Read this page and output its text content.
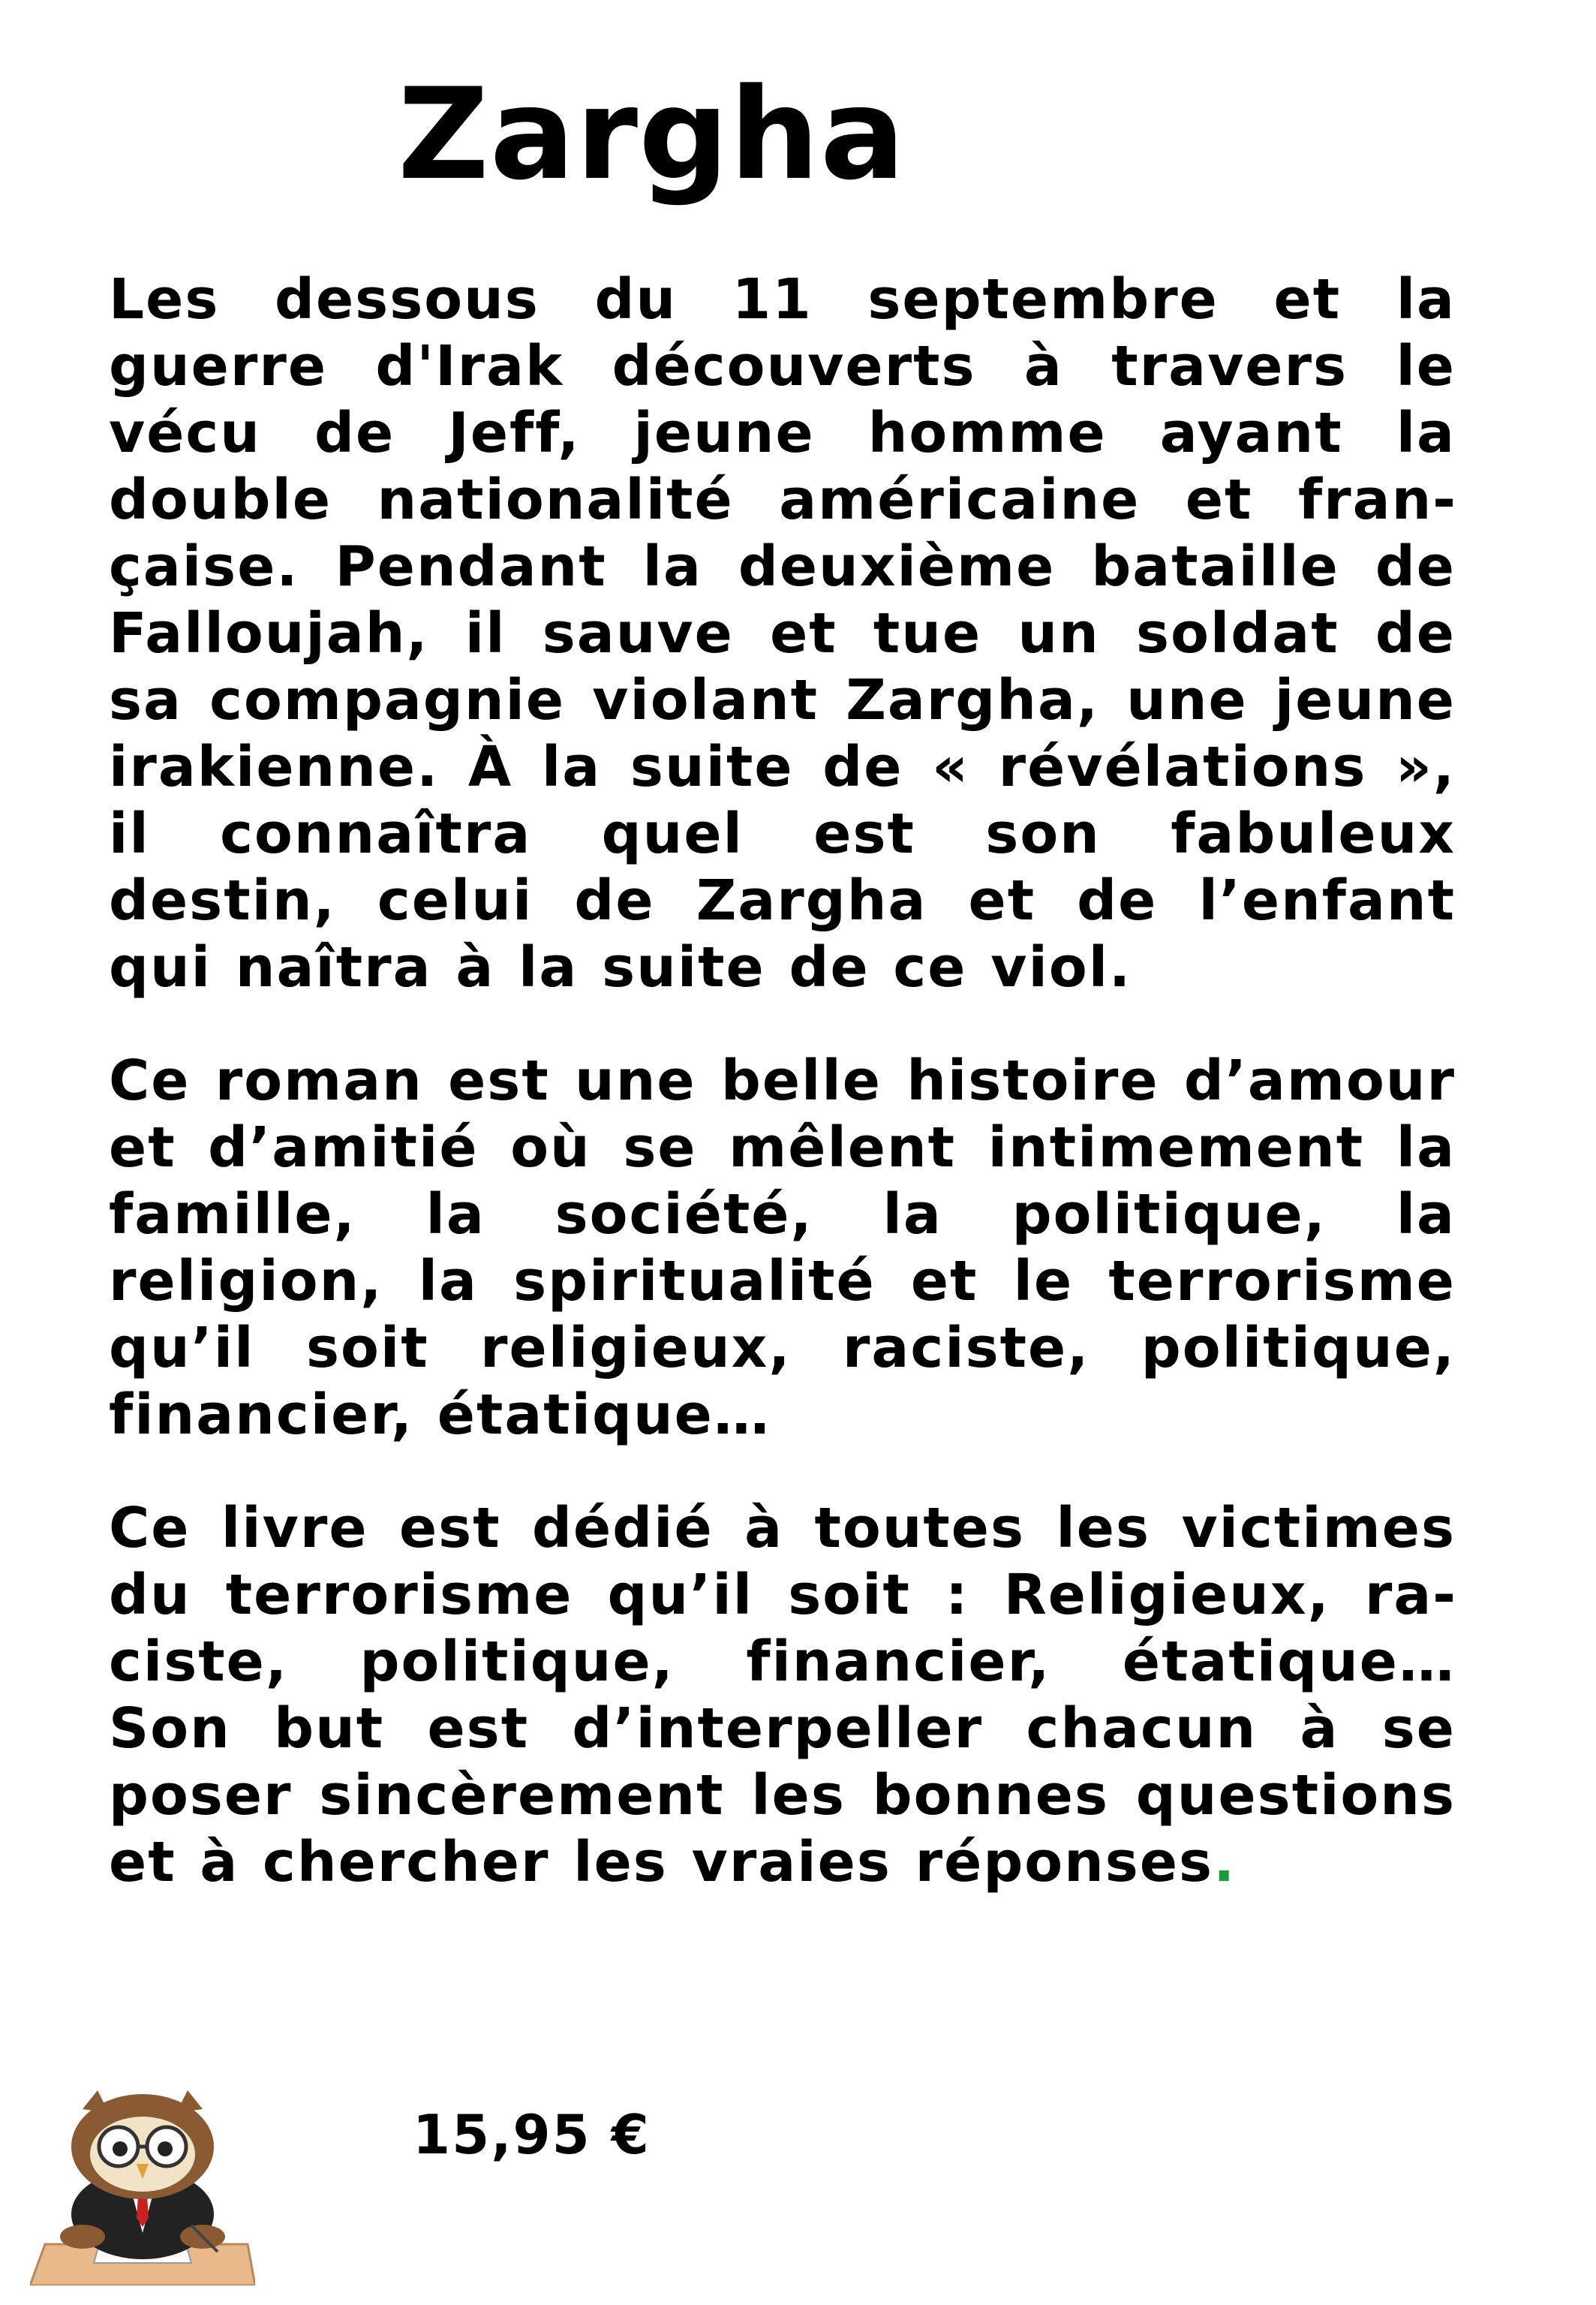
Zargha

Les dessous du 11 septembre et la guerre d'Irak découverts à travers le vécu de Jeff, jeune homme ayant la double nationalité américaine et française. Pendant la deuxième bataille de Falloujah, il sauve et tue un soldat de sa compagnie violant Zargha, une jeune irakienne. À la suite de « révélations », il connaîtra quel est son fabuleux destin, celui de Zargha et de l’enfant qui naîtra à la suite de ce viol.

Ce roman est une belle histoire d’amour et d’amitié où se mêlent intimement la famille, la société, la politique, la religion, la spiritualité et le terrorisme qu’il soit religieux, raciste, politique, financier, étatique…

Ce livre est dédié à toutes les victimes du terrorisme qu’il soit : Religieux, raciste, politique, financier, étatique… Son but est d’interpeller chacun à se poser sincèrement les bonnes questions et à chercher les vraies réponses.

15,95 €
